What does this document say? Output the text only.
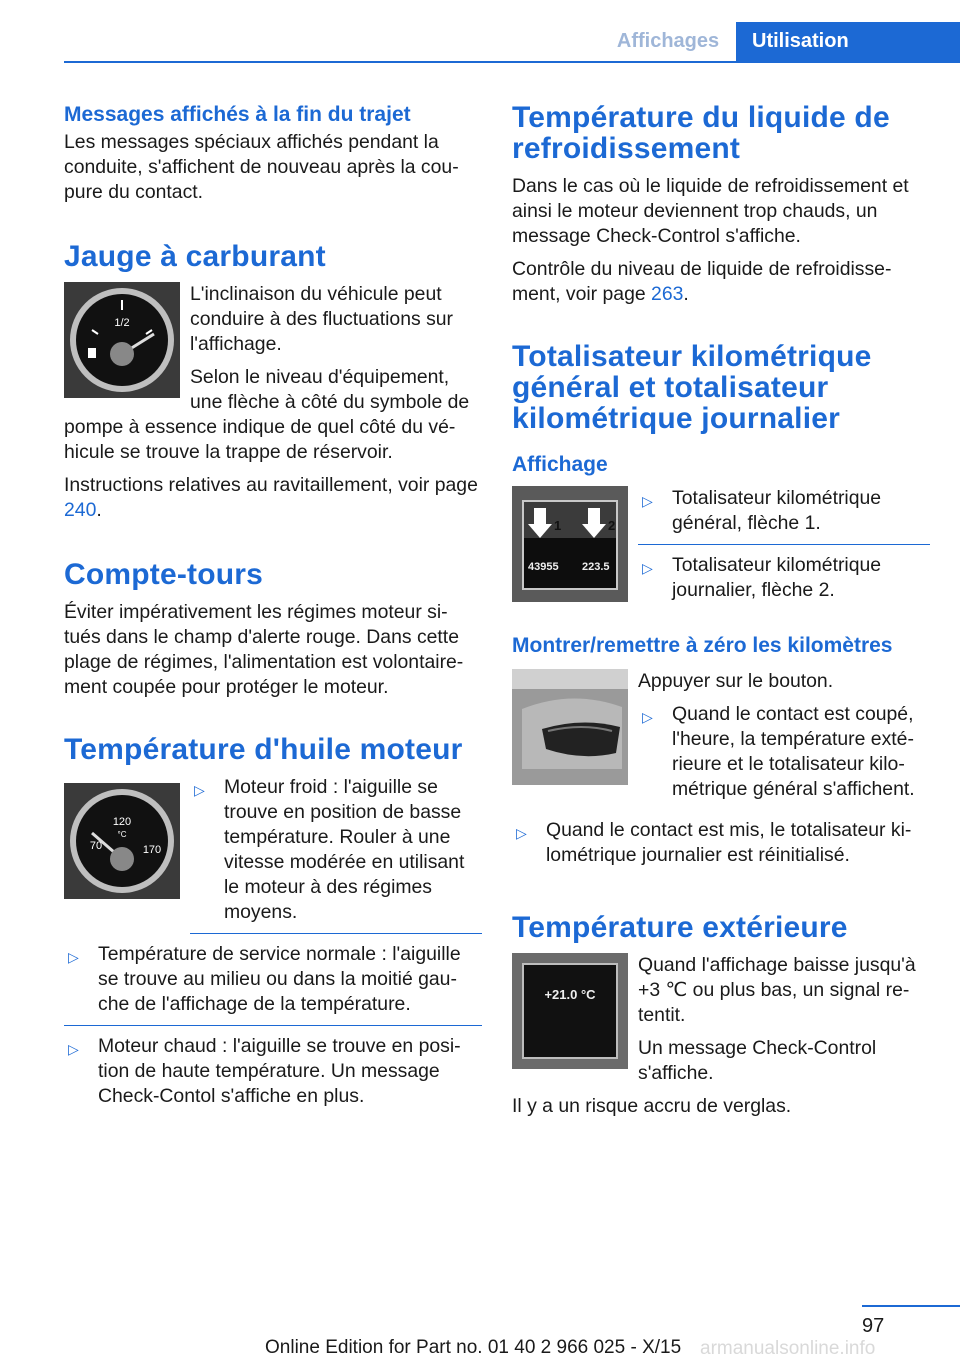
Affichages	Utilisation
Messages affichés à la fin du trajet

Les messages spéciaux affichés pendant la conduite, s'affichent de nouveau après la cou‐pure du contact.

Jauge à carburant
1/2

L'inclinaison du véhicule peut conduire à des fluctuations sur l'affichage.

Selon le niveau d'équipement, une flèche à côté du symbole de pompe à essence indique de quel côté du vé‐hicule se trouve la trappe de réservoir.

Instructions relatives au ravitaillement, voir page 240.

Compte-tours

Éviter impérativement les régimes moteur si‐tués dans le champ d'alerte rouge. Dans cette plage de régimes, l'alimentation est volontaire‐ment coupée pour protéger le moteur.

Température d'huile moteur
120
°C
70	170
▷ Moteur froid : l'aiguille se trouve en position de basse température. Rouler à une vitesse modérée en utilisant le moteur à des régimes moyens.
▷ Température de service normale : l'aiguille se trouve au milieu ou dans la moitié gau‐che de l'affichage de la température.
▷ Moteur chaud : l'aiguille se trouve en posi‐tion de haute température. Un message Check-Contol s'affiche en plus.
Température du liquide de refroidissement

Dans le cas où le liquide de refroidissement et ainsi le moteur deviennent trop chauds, un message Check-Control s'affiche.

Contrôle du niveau de liquide de refroidisse‐ment, voir page 263.

Totalisateur kilométrique général et totalisateur kilométrique journalier
Affichage
1	2
43955 223.5
▷ Totalisateur kilométrique général, flèche 1.
▷ Totalisateur kilométrique journalier, flèche 2.
Montrer/remettre à zéro les kilomètres

Appuyer sur le bouton.

▷ Quand le contact est coupé, l'heure, la température exté‐rieure et le totalisateur kilo‐métrique général s'affichent.
▷ Quand le contact est mis, le totalisateur ki‐lométrique journalier est réinitialisé.
Température extérieure
+21.0 °C

Quand l'affichage baisse jusqu'à +3 ℃ ou plus bas, un signal re‐tentit.

Un message Check-Control s'affiche.

Il y a un risque accru de verglas.

97
Online Edition for Part no. 01 40 2 966 025 - X/15 armanualsonline.info
